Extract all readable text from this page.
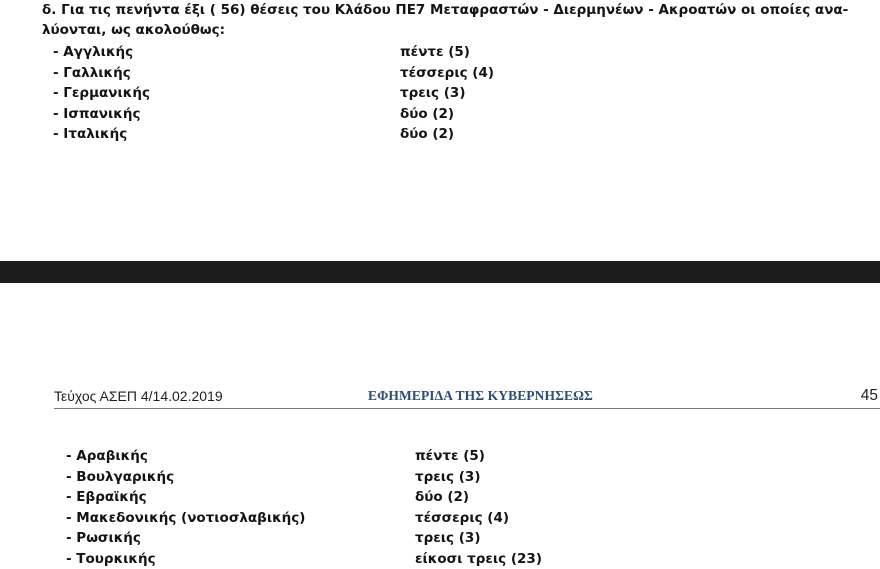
δ. Για τις πενήντα έξι ( 56) θέσεις του Κλάδου ΠΕ7 Μεταφραστών - Διερμηνέων - Ακροατών οι οποίες ανα-
λύονται, ως ακολούθως:
- Αγγλικής	πέντε (5)
- Γαλλικής	τέσσερις (4)
- Γερμανικής	τρεις (3)
- Ισπανικής	δύο (2)
- Ιταλικής	δύο (2)
Τεύχος ΑΣΕΠ 4/14.02.2019	ΕΦΗΜΕΡΙΔΑ ΤΗΣ ΚΥΒΕΡΝΗΣΕΩΣ	45
- Αραβικής	πέντε (5)
- Βουλγαρικής	τρεις (3)
- Εβραϊκής	δύο (2)
- Μακεδονικής (νοτιοσλαβικής)	τέσσερις (4)
- Ρωσικής	τρεις (3)
- Τουρκικής	είκοσι τρεις (23)
